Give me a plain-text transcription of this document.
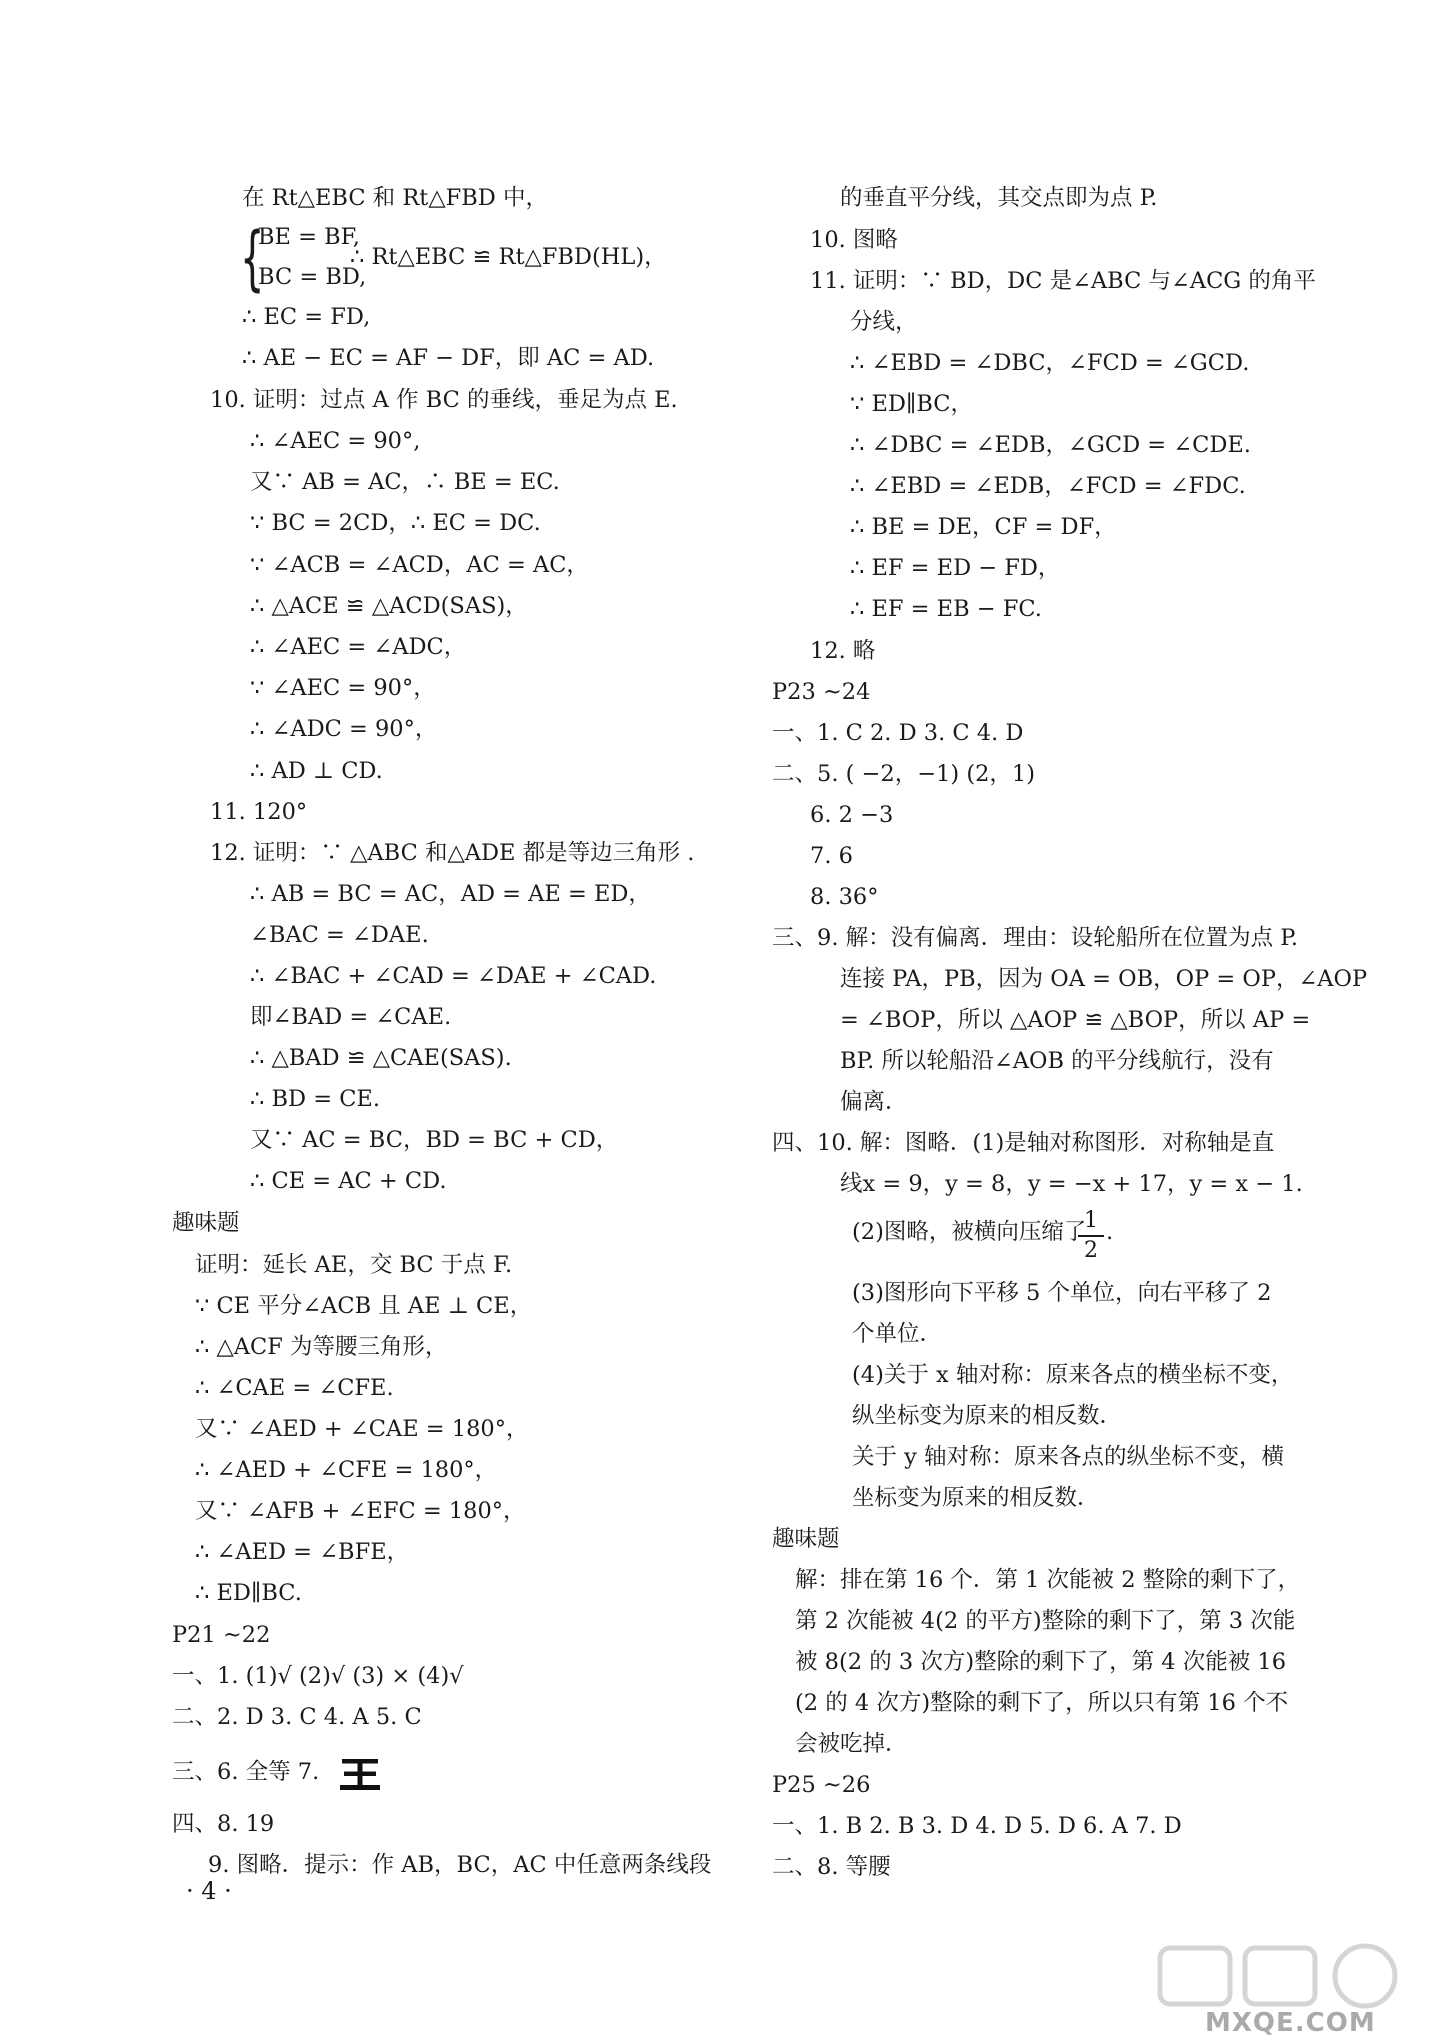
在 Rt△EBC 和 Rt△FBD 中，
{
BE = BF,
BC = BD,
∴ Rt△EBC ≌ Rt△FBD(HL)，
∴ EC = FD,
∴ AE − EC = AF − DF，即 AC = AD.
10. 证明：过点 A 作 BC 的垂线，垂足为点 E.
∴ ∠AEC = 90°,
又∵ AB = AC，∴ BE = EC.
∵ BC = 2CD，∴ EC = DC.
∵ ∠ACB = ∠ACD，AC = AC，
∴ △ACE ≌ △ACD(SAS)，
∴ ∠AEC = ∠ADC，
∵ ∠AEC = 90°，
∴ ∠ADC = 90°，
∴ AD ⊥ CD.
11. 120°
12. 证明：∵ △ABC 和△ADE 都是等边三角形 .
∴ AB = BC = AC，AD = AE = ED，
∠BAC = ∠DAE.
∴ ∠BAC + ∠CAD = ∠DAE + ∠CAD.
即∠BAD = ∠CAE.
∴ △BAD ≌ △CAE(SAS).
∴ BD = CE.
又∵ AC = BC，BD = BC + CD，
∴ CE = AC + CD.
趣味题
证明：延长 AE，交 BC 于点 F.
∵ CE 平分∠ACB 且 AE ⊥ CE，
∴ △ACF 为等腰三角形，
∴ ∠CAE = ∠CFE.
又∵ ∠AED + ∠CAE = 180°，
∴ ∠AED + ∠CFE = 180°，
又∵ ∠AFB + ∠EFC = 180°，
∴ ∠AED = ∠BFE，
∴ ED∥BC.
P21 ~22
一、1. (1)√ (2)√ (3) × (4)√
二、2. D 3. C 4. A 5. C
三、6. 全等 7.
四、8. 19
9. 图略．提示：作 AB，BC，AC 中任意两条线段
· 4 ·
的垂直平分线，其交点即为点 P.
10. 图略
11. 证明：∵ BD，DC 是∠ABC 与∠ACG 的角平
分线，
∴ ∠EBD = ∠DBC，∠FCD = ∠GCD.
∵ ED∥BC，
∴ ∠DBC = ∠EDB，∠GCD = ∠CDE.
∴ ∠EBD = ∠EDB，∠FCD = ∠FDC.
∴ BE = DE，CF = DF，
∴ EF = ED − FD，
∴ EF = EB − FC.
12. 略
P23 ~24
一、1. C 2. D 3. C 4. D
二、5. ( −2，−1) (2，1)
6. 2 −3
7. 6
8. 36°
三、9. 解：没有偏离．理由：设轮船所在位置为点 P.
连接 PA，PB，因为 OA = OB，OP = OP，∠AOP
= ∠BOP，所以 △AOP ≌ △BOP，所以 AP =
BP. 所以轮船沿∠AOB 的平分线航行，没有
偏离．
四、10. 解：图略．(1)是轴对称图形．对称轴是直
线x = 9，y = 8，y = −x + 17，y = x − 1.
(2)图略，被横向压缩了
1
2
.
(3)图形向下平移 5 个单位，向右平移了 2
个单位．
(4)关于 x 轴对称：原来各点的横坐标不变，
纵坐标变为原来的相反数．
关于 y 轴对称：原来各点的纵坐标不变，横
坐标变为原来的相反数．
趣味题
解：排在第 16 个．第 1 次能被 2 整除的剩下了，
第 2 次能被 4(2 的平方)整除的剩下了，第 3 次能
被 8(2 的 3 次方)整除的剩下了，第 4 次能被 16
(2 的 4 次方)整除的剩下了，所以只有第 16 个不
会被吃掉．
P25 ~26
一、1. B 2. B 3. D 4. D 5. D 6. A 7. D
二、8. 等腰
MXQE.COM
